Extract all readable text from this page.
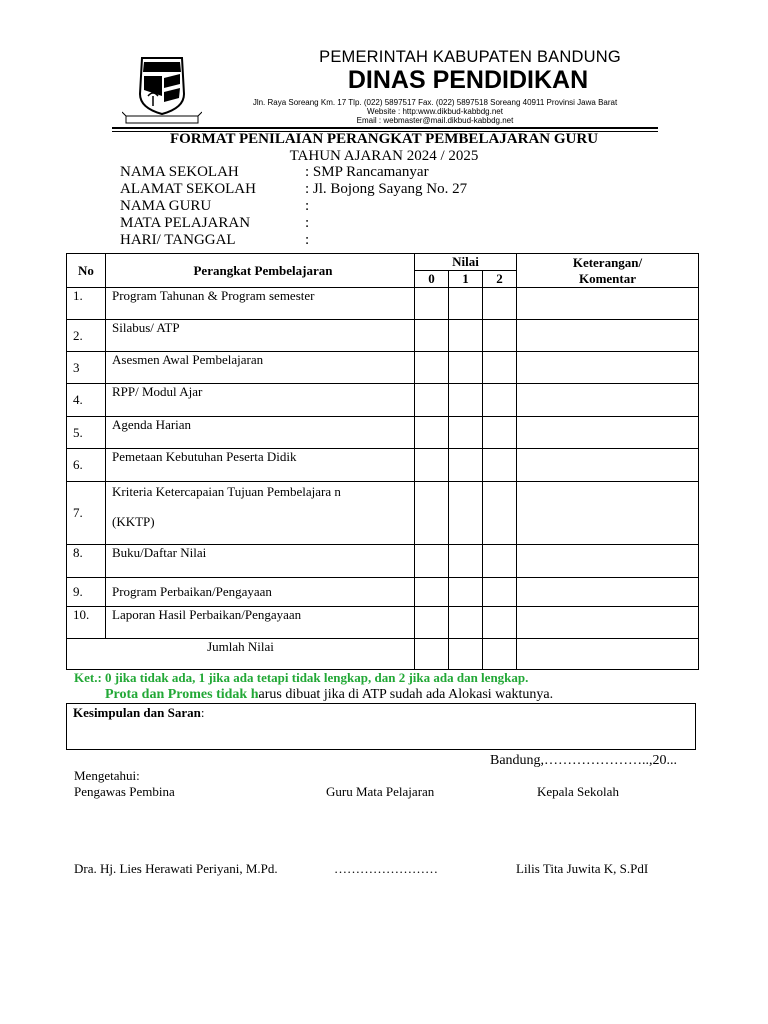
PEMERINTAH KABUPATEN BANDUNG
DINAS PENDIDIKAN
Jln. Raya Soreang Km. 17 Tlp. (022) 5897517 Fax. (022) 5897518 Soreang 40911 Provinsi Jawa Barat
Website : http:www.dikbud-kabbdg.net
Email : webmaster@mail.dikbud-kabbdg.net
FORMAT PENILAIAN PERANGKAT PEMBELAJARAN GURU
TAHUN AJARAN 2024 / 2025
NAMA SEKOLAH	: SMP Rancamanyar
ALAMAT SEKOLAH	: Jl. Bojong Sayang No. 27
NAMA GURU	:
MATA PELAJARAN	:
HARI/ TANGGAL	:
No	Perangkat Pembelajaran	Nilai			Keterangan/
Komentar

		0	1	2	
1.	Program Tahunan & Program semester				
2.	Silabus/ ATP				
3	Asesmen Awal Pembelajaran				
4.	RPP/ Modul Ajar				
5.	Agenda Harian				
6.	Pemetaan Kebutuhan Peserta Didik				
7.	Kriteria Ketercapaian Tujuan Pembelajara n
(KKTP)				

8.	Buku/Daftar Nilai				
9.	Program Perbaikan/Pengayaan				
10.	Laporan Hasil Perbaikan/Pengayaan				
Jumlah Nilai					
Ket.: 0 jika tidak ada, 1 jika ada tetapi tidak lengkap, dan 2 jika ada dan lengkap.
Prota dan Promes tidak harus dibuat jika di ATP sudah ada Alokasi waktunya.
Kesimpulan dan Saran:
Bandung,…………………..,20...
Mengetahui:
Pengawas Pembina	Guru Mata Pelajaran	Kepala Sekolah
Dra. Hj. Lies Herawati Periyani, M.Pd.	……………………	Lilis Tita Juwita K, S.PdI
